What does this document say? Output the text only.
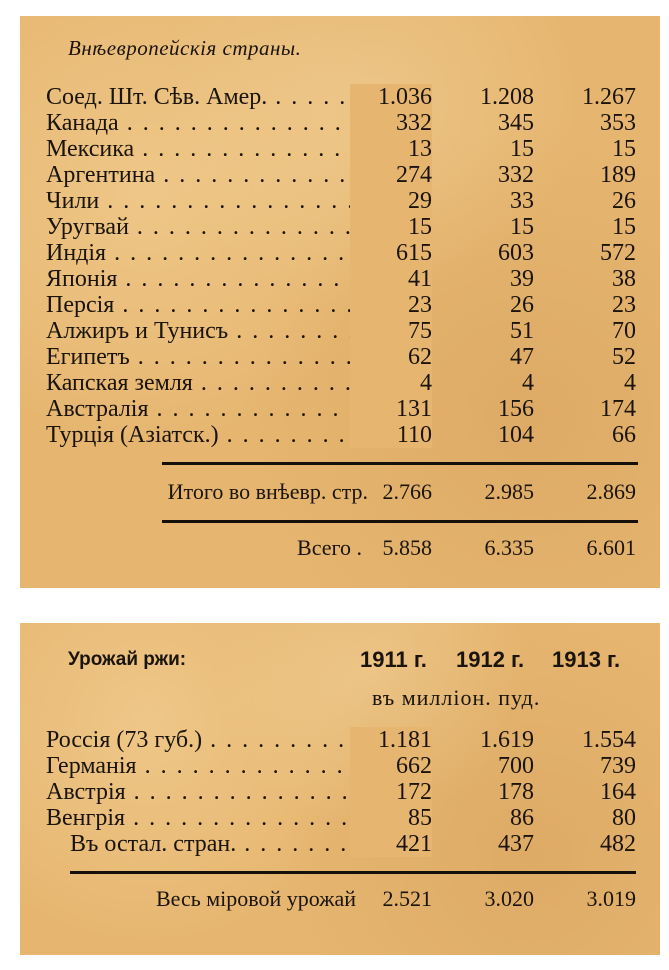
Внѣевропейскія страны.
Соед. Шт. Сѣв. Амер. . . .	1.036	1.208	1.267
Канада . . .	332	345	353
Мексика . . .	13	15	15
Аргентина . . .	274	332	189
Чили . . .	29	33	26
Уругвай . . .	15	15	15
Индія . . .	615	603	572
Японія . . .	41	39	38
Персія . . .	23	26	23
Алжиръ и Тунисъ . . .	75	51	70
Египетъ . . .	62	47	52
Капская земля . . .	4	4	4
Австралія . . .	131	156	174
Турція (Азіатск.) . . .	110	104	66
Итого во внѣевр. стр. 2.766	2.985	2.869
Всего . 5.858	6.335	6.601
Урожай ржи:	1911 г. 1912 г. 1913 г.
въ милліон. пуд.
Россія (73 губ.) . . .	1.181	1.619	1.554
Германія . . .	662	700	739
Австрія . . .	172	178	164
Венгрія . . .	85	86	80
Въ остал. стран. . . .	421	437	482
Весь міровой урожай	2.521	3.020	3.019
